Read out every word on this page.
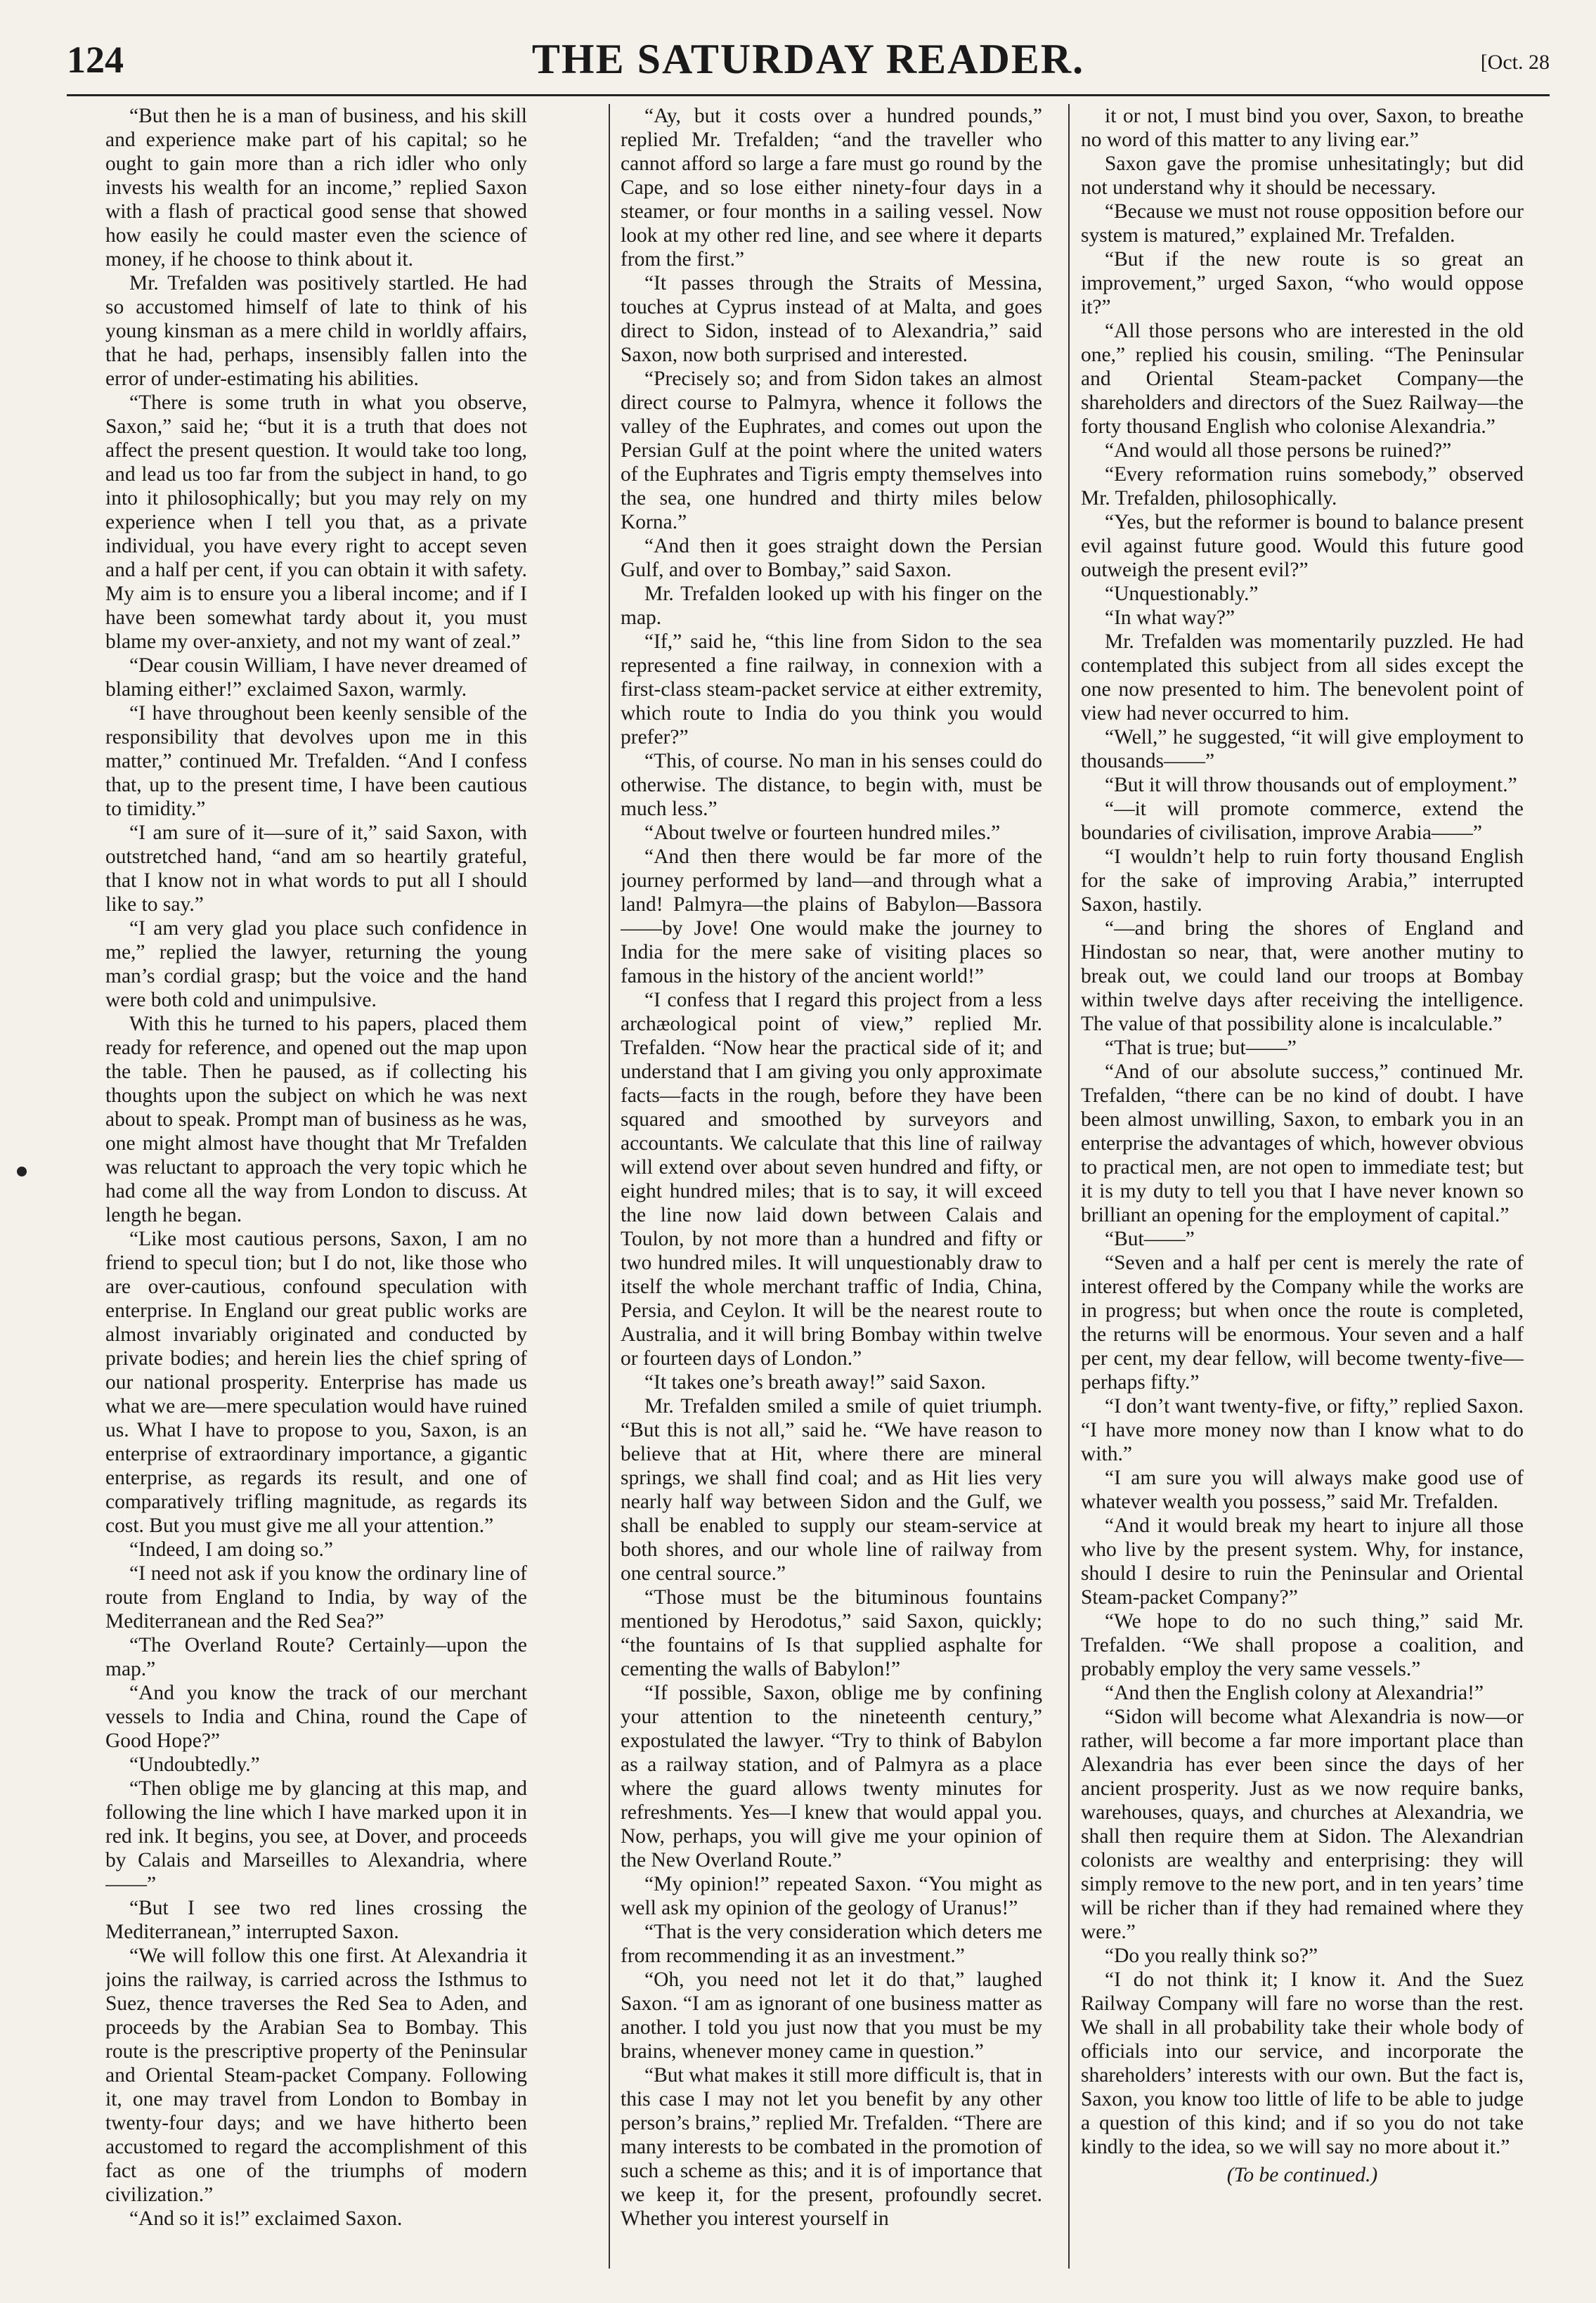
124	THE SATURDAY READER.	[Oct. 28

“But then he is a man of business, and his skill and experience make part of his capital; so he ought to gain more than a rich idler who only invests his wealth for an income,” replied Saxon with a flash of practical good sense that showed how easily he could master even the science of money, if he choose to think about it.

Mr. Trefalden was positively startled. He had so accustomed himself of late to think of his young kinsman as a mere child in worldly affairs, that he had, perhaps, insensibly fallen into the error of under-estimating his abilities.

“There is some truth in what you observe, Saxon,” said he; “but it is a truth that does not affect the present question. It would take too long, and lead us too far from the subject in hand, to go into it philosophically; but you may rely on my experience when I tell you that, as a private individual, you have every right to accept seven and a half per cent, if you can obtain it with safety. My aim is to ensure you a liberal income; and if I have been somewhat tardy about it, you must blame my over-anxiety, and not my want of zeal.”

“Dear cousin William, I have never dreamed of blaming either!” exclaimed Saxon, warmly.

“I have throughout been keenly sensible of the responsibility that devolves upon me in this matter,” continued Mr. Trefalden. “And I confess that, up to the present time, I have been cautious to timidity.”

“I am sure of it—sure of it,” said Saxon, with outstretched hand, “and am so heartily grateful, that I know not in what words to put all I should like to say.”

“I am very glad you place such confidence in me,” replied the lawyer, returning the young man’s cordial grasp; but the voice and the hand were both cold and unimpulsive.

With this he turned to his papers, placed them ready for reference, and opened out the map upon the table. Then he paused, as if collecting his thoughts upon the subject on which he was next about to speak. Prompt man of business as he was, one might almost have thought that Mr Trefalden was reluctant to approach the very topic which he had come all the way from London to discuss. At length he began.

“Like most cautious persons, Saxon, I am no friend to specul tion; but I do not, like those who are over-cautious, confound speculation with enterprise. In England our great public works are almost invariably originated and conducted by private bodies; and herein lies the chief spring of our national prosperity. Enterprise has made us what we are—mere speculation would have ruined us. What I have to propose to you, Saxon, is an enterprise of extraordinary importance, a gigantic enterprise, as regards its result, and one of comparatively trifling magnitude, as regards its cost. But you must give me all your attention.”

“Indeed, I am doing so.”

“I need not ask if you know the ordinary line of route from England to India, by way of the Mediterranean and the Red Sea?”

“The Overland Route? Certainly—upon the map.”

“And you know the track of our merchant vessels to India and China, round the Cape of Good Hope?”

“Undoubtedly.”

“Then oblige me by glancing at this map, and following the line which I have marked upon it in red ink. It begins, you see, at Dover, and proceeds by Calais and Marseilles to Alexandria, where——”

“But I see two red lines crossing the Mediterranean,” interrupted Saxon.

“We will follow this one first. At Alexandria it joins the railway, is carried across the Isthmus to Suez, thence traverses the Red Sea to Aden, and proceeds by the Arabian Sea to Bombay. This route is the prescriptive property of the Peninsular and Oriental Steam-packet Company. Following it, one may travel from London to Bombay in twenty-four days; and we have hitherto been accustomed to regard the accomplishment of this fact as one of the triumphs of modern civilization.”

“And so it is!” exclaimed Saxon.

“Ay, but it costs over a hundred pounds,” replied Mr. Trefalden; “and the traveller who cannot afford so large a fare must go round by the Cape, and so lose either ninety-four days in a steamer, or four months in a sailing vessel. Now look at my other red line, and see where it departs from the first.”

“It passes through the Straits of Messina, touches at Cyprus instead of at Malta, and goes direct to Sidon, instead of to Alexandria,” said Saxon, now both surprised and interested.

“Precisely so; and from Sidon takes an almost direct course to Palmyra, whence it follows the valley of the Euphrates, and comes out upon the Persian Gulf at the point where the united waters of the Euphrates and Tigris empty themselves into the sea, one hundred and thirty miles below Korna.”

“And then it goes straight down the Persian Gulf, and over to Bombay,” said Saxon.

Mr. Trefalden looked up with his finger on the map.

“If,” said he, “this line from Sidon to the sea represented a fine railway, in connexion with a first-class steam-packet service at either extremity, which route to India do you think you would prefer?”

“This, of course. No man in his senses could do otherwise. The distance, to begin with, must be much less.”

“About twelve or fourteen hundred miles.”

“And then there would be far more of the journey performed by land—and through what a land! Palmyra—the plains of Babylon—Bassora——by Jove! One would make the journey to India for the mere sake of visiting places so famous in the history of the ancient world!”

“I confess that I regard this project from a less archæological point of view,” replied Mr. Trefalden. “Now hear the practical side of it; and understand that I am giving you only approximate facts—facts in the rough, before they have been squared and smoothed by surveyors and accountants. We calculate that this line of railway will extend over about seven hundred and fifty, or eight hundred miles; that is to say, it will exceed the line now laid down between Calais and Toulon, by not more than a hundred and fifty or two hundred miles. It will unquestionably draw to itself the whole merchant traffic of India, China, Persia, and Ceylon. It will be the nearest route to Australia, and it will bring Bombay within twelve or fourteen days of London.”

“It takes one’s breath away!” said Saxon.

Mr. Trefalden smiled a smile of quiet triumph. “But this is not all,” said he. “We have reason to believe that at Hit, where there are mineral springs, we shall find coal; and as Hit lies very nearly half way between Sidon and the Gulf, we shall be enabled to supply our steam-service at both shores, and our whole line of railway from one central source.”

“Those must be the bituminous fountains mentioned by Herodotus,” said Saxon, quickly; “the fountains of Is that supplied asphalte for cementing the walls of Babylon!”

“If possible, Saxon, oblige me by confining your attention to the nineteenth century,” expostulated the lawyer. “Try to think of Babylon as a railway station, and of Palmyra as a place where the guard allows twenty minutes for refreshments. Yes—I knew that would appal you. Now, perhaps, you will give me your opinion of the New Overland Route.”

“My opinion!” repeated Saxon. “You might as well ask my opinion of the geology of Uranus!”

“That is the very consideration which deters me from recommending it as an investment.”

“Oh, you need not let it do that,” laughed Saxon. “I am as ignorant of one business matter as another. I told you just now that you must be my brains, whenever money came in question.”

“But what makes it still more difficult is, that in this case I may not let you benefit by any other person’s brains,” replied Mr. Trefalden. “There are many interests to be combated in the promotion of such a scheme as this; and it is of importance that we keep it, for the present, profoundly secret. Whether you interest yourself in

it or not, I must bind you over, Saxon, to breathe no word of this matter to any living ear.”

Saxon gave the promise unhesitatingly; but did not understand why it should be necessary.

“Because we must not rouse opposition before our system is matured,” explained Mr. Trefalden.

“But if the new route is so great an improvement,” urged Saxon, “who would oppose it?”

“All those persons who are interested in the old one,” replied his cousin, smiling. “The Peninsular and Oriental Steam-packet Company—the shareholders and directors of the Suez Railway—the forty thousand English who colonise Alexandria.”

“And would all those persons be ruined?”

“Every reformation ruins somebody,” observed Mr. Trefalden, philosophically.

“Yes, but the reformer is bound to balance present evil against future good. Would this future good outweigh the present evil?”

“Unquestionably.”

“In what way?”

Mr. Trefalden was momentarily puzzled. He had contemplated this subject from all sides except the one now presented to him. The benevolent point of view had never occurred to him.

“Well,” he suggested, “it will give employment to thousands——”

“But it will throw thousands out of employment.”

“—it will promote commerce, extend the boundaries of civilisation, improve Arabia——”

“I wouldn’t help to ruin forty thousand English for the sake of improving Arabia,” interrupted Saxon, hastily.

“—and bring the shores of England and Hindostan so near, that, were another mutiny to break out, we could land our troops at Bombay within twelve days after receiving the intelligence. The value of that possibility alone is incalculable.”

“That is true; but——”

“And of our absolute success,” continued Mr. Trefalden, “there can be no kind of doubt. I have been almost unwilling, Saxon, to embark you in an enterprise the advantages of which, however obvious to practical men, are not open to immediate test; but it is my duty to tell you that I have never known so brilliant an opening for the employment of capital.”

“But——”

“Seven and a half per cent is merely the rate of interest offered by the Company while the works are in progress; but when once the route is completed, the returns will be enormous. Your seven and a half per cent, my dear fellow, will become twenty-five—perhaps fifty.”

“I don’t want twenty-five, or fifty,” replied Saxon. “I have more money now than I know what to do with.”

“I am sure you will always make good use of whatever wealth you possess,” said Mr. Trefalden.

“And it would break my heart to injure all those who live by the present system. Why, for instance, should I desire to ruin the Peninsular and Oriental Steam-packet Company?”

“We hope to do no such thing,” said Mr. Trefalden. “We shall propose a coalition, and probably employ the very same vessels.”

“And then the English colony at Alexandria!”

“Sidon will become what Alexandria is now—or rather, will become a far more important place than Alexandria has ever been since the days of her ancient prosperity. Just as we now require banks, warehouses, quays, and churches at Alexandria, we shall then require them at Sidon. The Alexandrian colonists are wealthy and enterprising: they will simply remove to the new port, and in ten years’ time will be richer than if they had remained where they were.”

“Do you really think so?”

“I do not think it; I know it. And the Suez Railway Company will fare no worse than the rest. We shall in all probability take their whole body of officials into our service, and incorporate the shareholders’ interests with our own. But the fact is, Saxon, you know too little of life to be able to judge a question of this kind; and if so you do not take kindly to the idea, so we will say no more about it.”

(To be continued.)
